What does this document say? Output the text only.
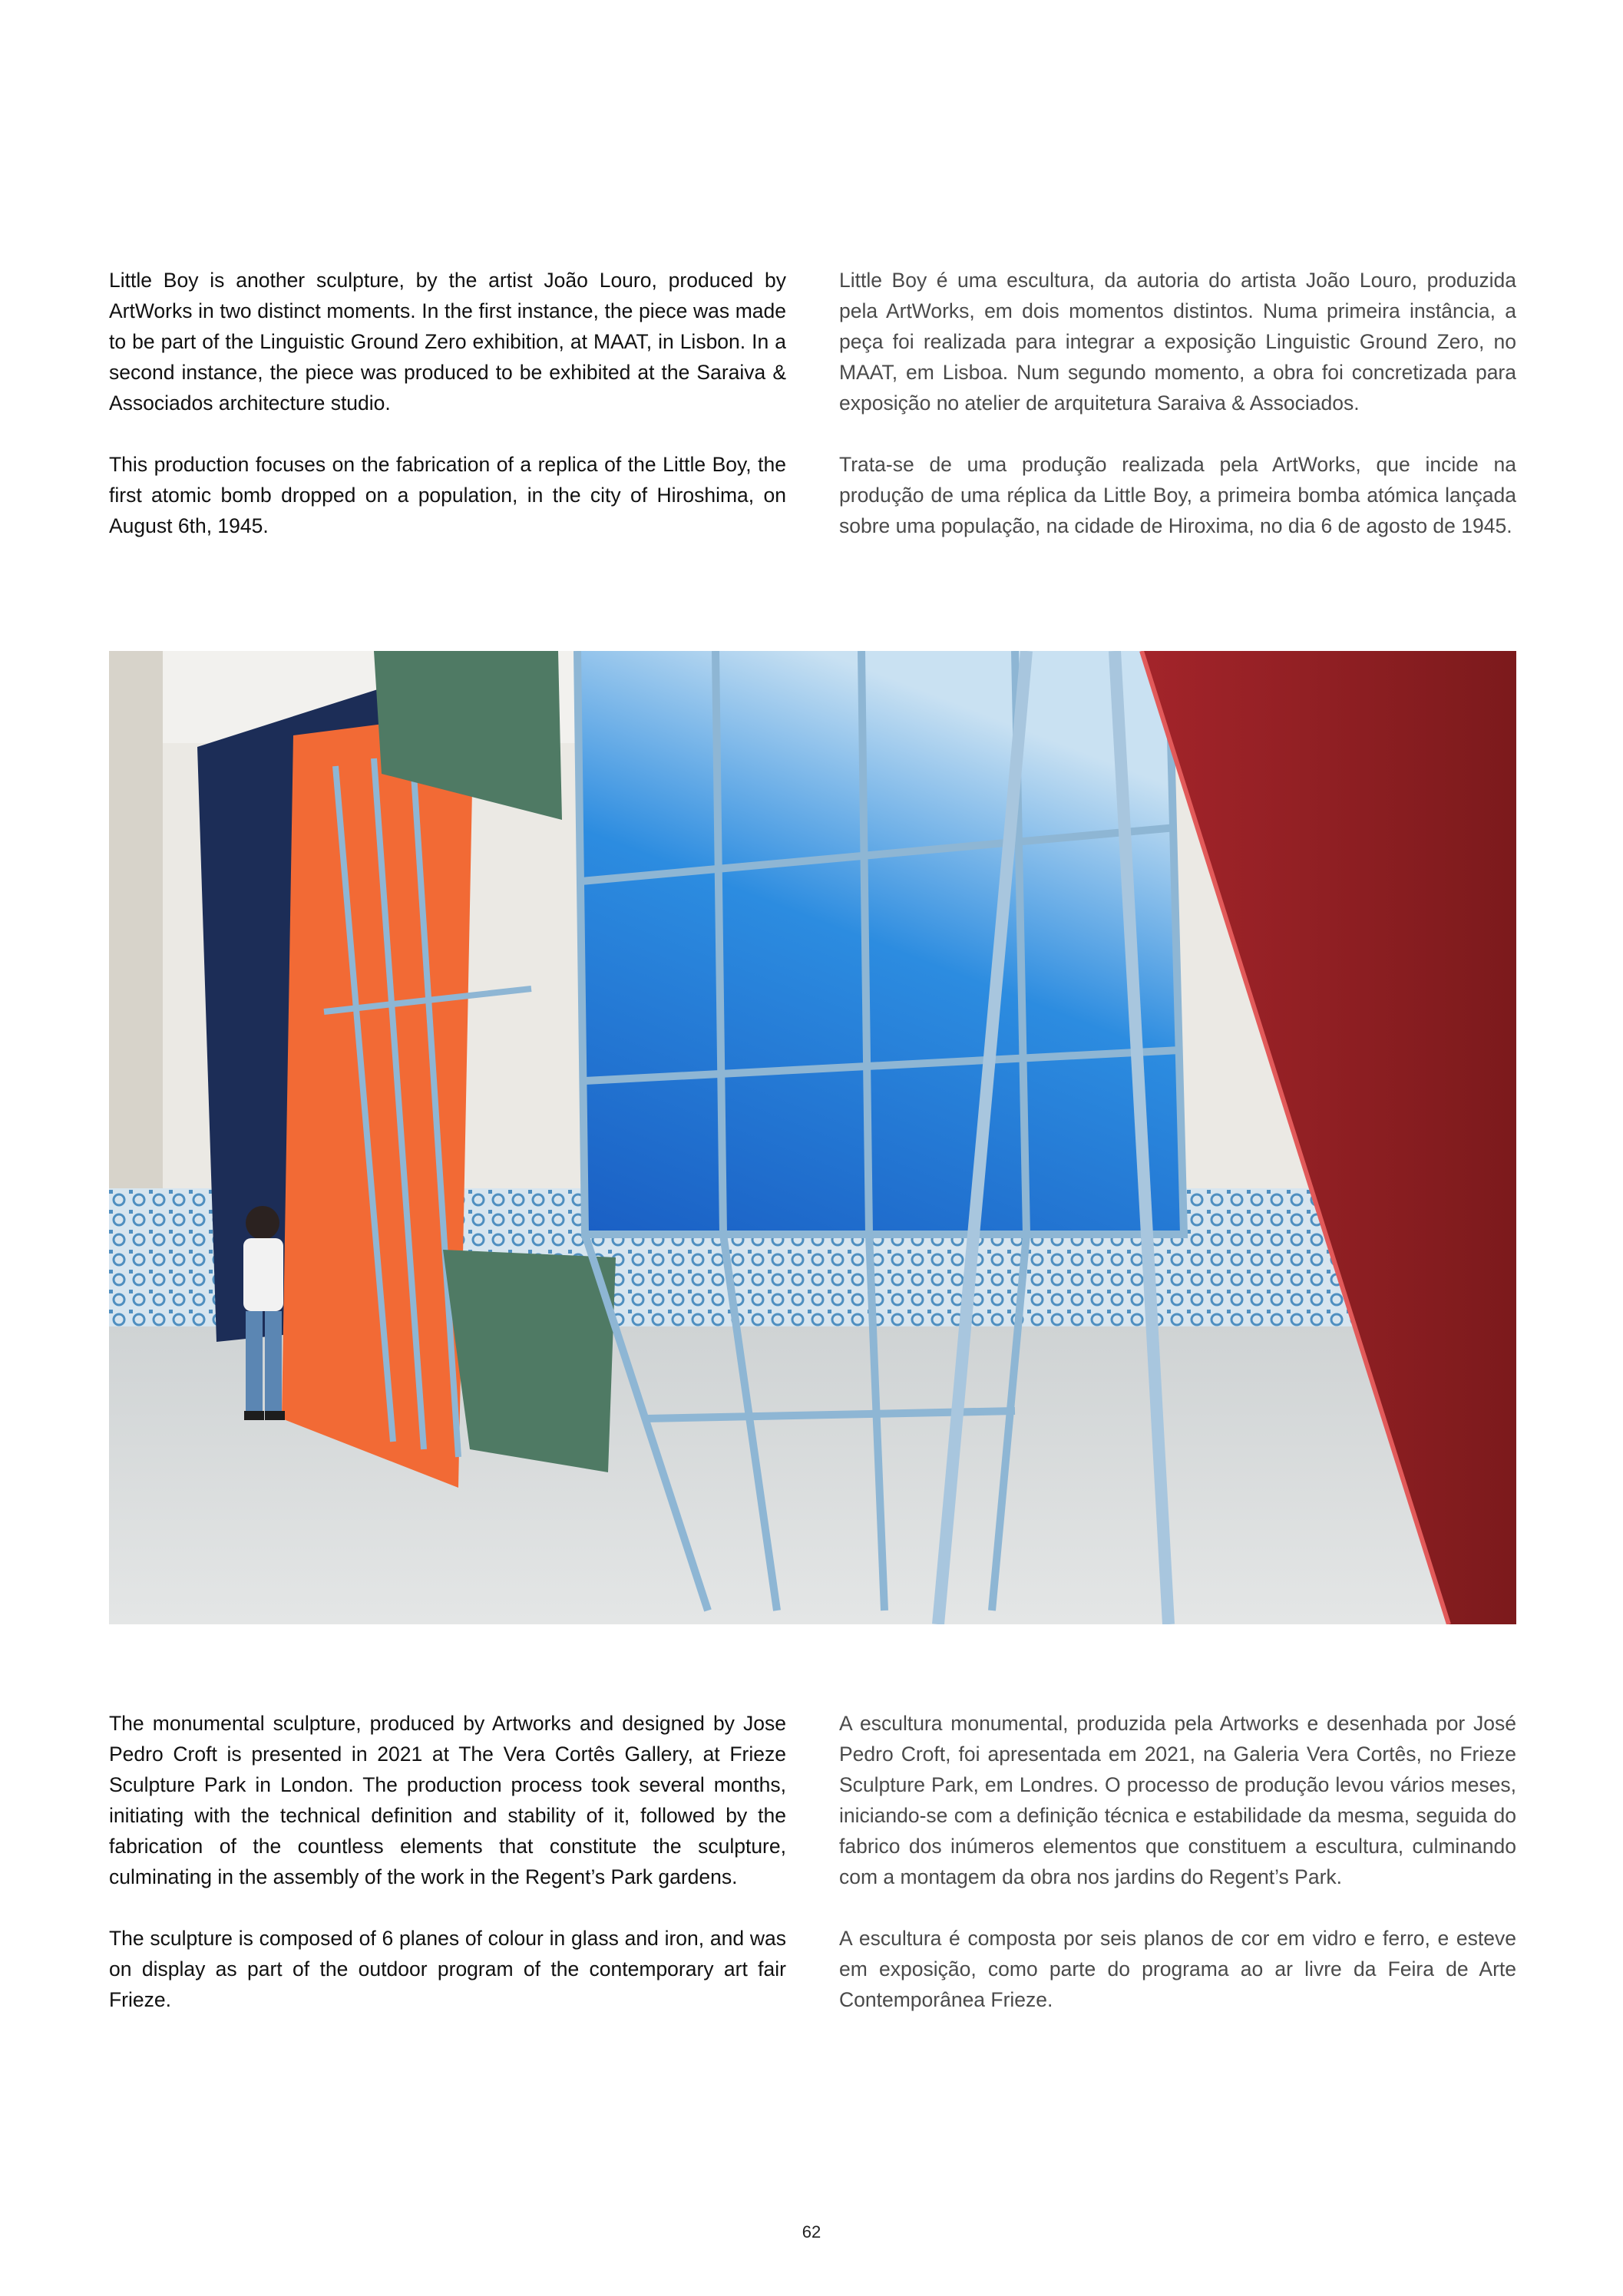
Little Boy is another sculpture, by the artist João Louro, produced by ArtWorks in two distinct moments. In the first instance, the piece was made to be part of the Linguistic Ground Zero exhibition, at MAAT, in Lisbon. In a second instance, the piece was produced to be exhibited at the Saraiva & Associados architecture studio.

This production focuses on the fabrication of a replica of the Little Boy, the first atomic bomb dropped on a population, in the city of Hiroshima, on August 6th, 1945.

Little Boy é uma escultura, da autoria do artista João Louro, produzida pela ArtWorks, em dois momentos distintos. Numa primeira instância, a peça foi realizada para integrar a exposição Linguistic Ground Zero, no MAAT, em Lisboa. Num segundo momento, a obra foi concretizada para exposição no atelier de arquitetura Saraiva & Associados.

Trata-se de uma produção realizada pela ArtWorks, que incide na produção de uma réplica da Little Boy, a primeira bomba atómica lançada sobre uma população, na cidade de Hiroxima, no dia 6 de agosto de 1945.

The monumental sculpture, produced by Artworks and designed by Jose Pedro Croft is presented in 2021 at The Vera Cortês Gallery, at Frieze Sculpture Park in London. The production process took several months, initiating with the technical definition and stability of it, followed by the fabrication of the countless elements that constitute the sculpture, culminating in the assembly of the work in the Regent’s Park gardens.

The sculpture is composed of 6 planes of colour in glass and iron, and was on display as part of the outdoor program of the contemporary art fair Frieze.

A escultura monumental, produzida pela Artworks e desenhada por José Pedro Croft, foi apresentada em 2021, na Galeria Vera Cortês, no Frieze Sculpture Park, em Londres. O processo de produção levou vários meses, iniciando-se com a definição técnica e estabilidade da mesma, seguida do fabrico dos inúmeros elementos que constituem a escultura, culminando com a montagem da obra nos jardins do Regent’s Park.

A escultura é composta por seis planos de cor em vidro e ferro, e esteve em exposição, como parte do programa ao ar livre da Feira de Arte Contemporânea Frieze.

62
